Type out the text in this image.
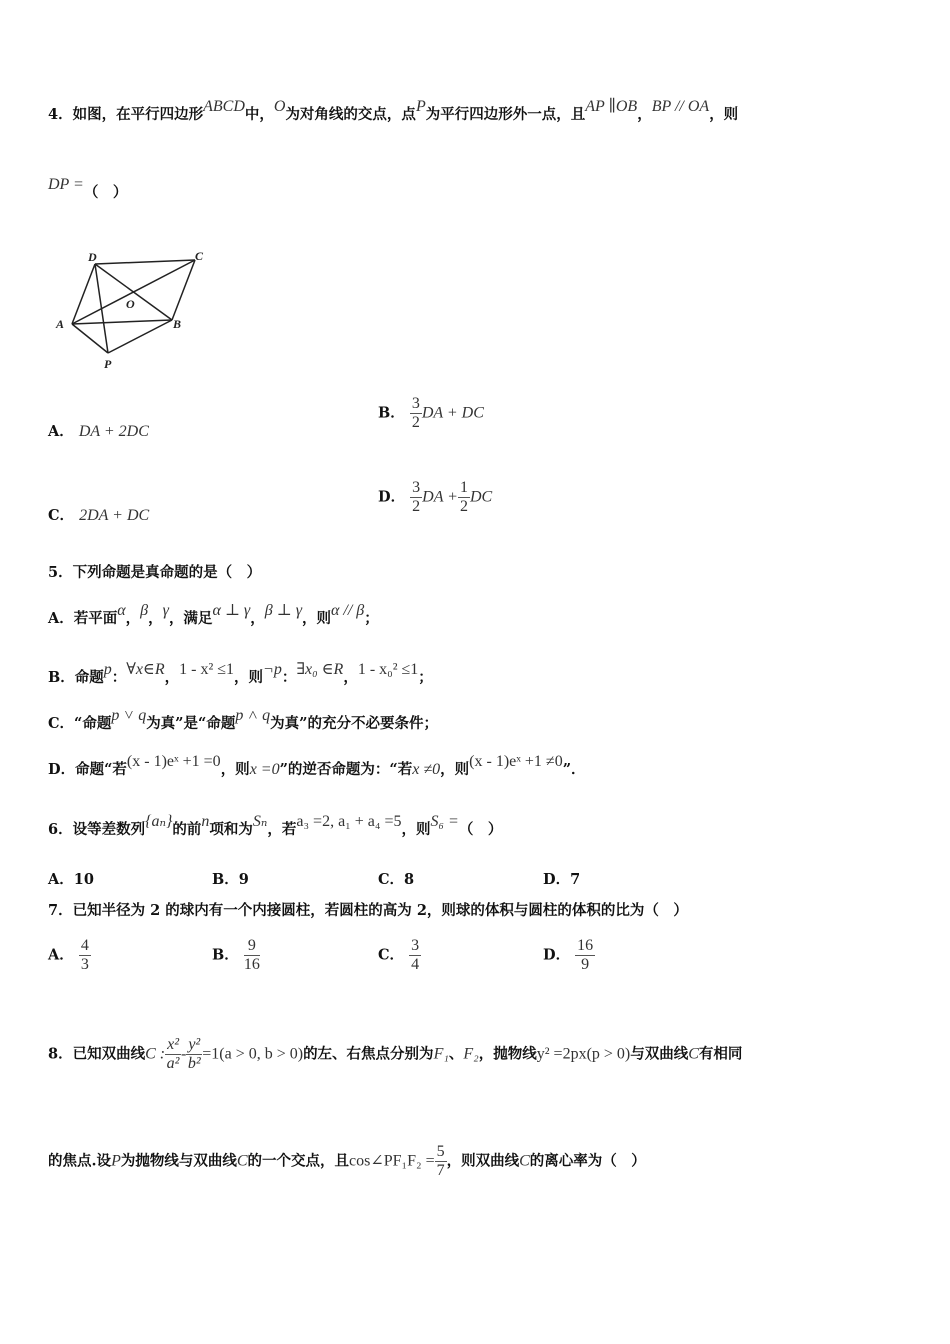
4．如图，在平行四边形ABCD中，O为对角线的交点，点P为平行四边形外一点，且AP ∥OB，BP // OA，则
DP =（　）
D	C
O
A	B
P
A． DA + 2DC
B． $\frac{3}{2}$ DA + DC
C． 2DA + DC
D． $\frac{3}{2}$ DA + $\frac{1}{2}$ DC
5．下列命题是真命题的是（　）
A．若平面α，β，γ，满足α ⊥ γ，β ⊥ γ，则α // β；
B．命题p：∀x∈R，1 - x² ≤1，则¬p：∃x₀ ∈R，1 - x₀² ≤1；
C．“命题p ˅ q为真”是“命题p ˄ q为真”的充分不必要条件；
D．命题“若(x - 1)eˣ +1 =0，则x =0”的逆否命题为：“若x ≠0，则(x - 1)eˣ +1 ≠0”．
6．设等差数列{aₙ}的前n项和为Sₙ，若a₃ =2, a₁ + a₄ =5，则S₆ =（　）
A．10	B．9	C．8	D．7
7．已知半径为 2 的球内有一个内接圆柱，若圆柱的高为 2，则球的体积与圆柱的体积的比为（　）
A． $\frac{4}{3}$	B． $\frac{9}{16}$	C． $\frac{3}{4}$	D． $\frac{16}{9}$
8．已知双曲线C : $\frac{\text{x²}}{\text{a²}} - \frac{\text{y²}}{\text{b²}} =1(a > 0$, b > 0)的左、右焦点分别为F₁、F₂，抛物线y² =2px(p > 0)与双曲线C有相同
的焦点.设P为抛物线与双曲线C的一个交点，且cos∠PF₁F₂ = $\frac{5}{7}$ ，则双曲线C的离心率为（　）
